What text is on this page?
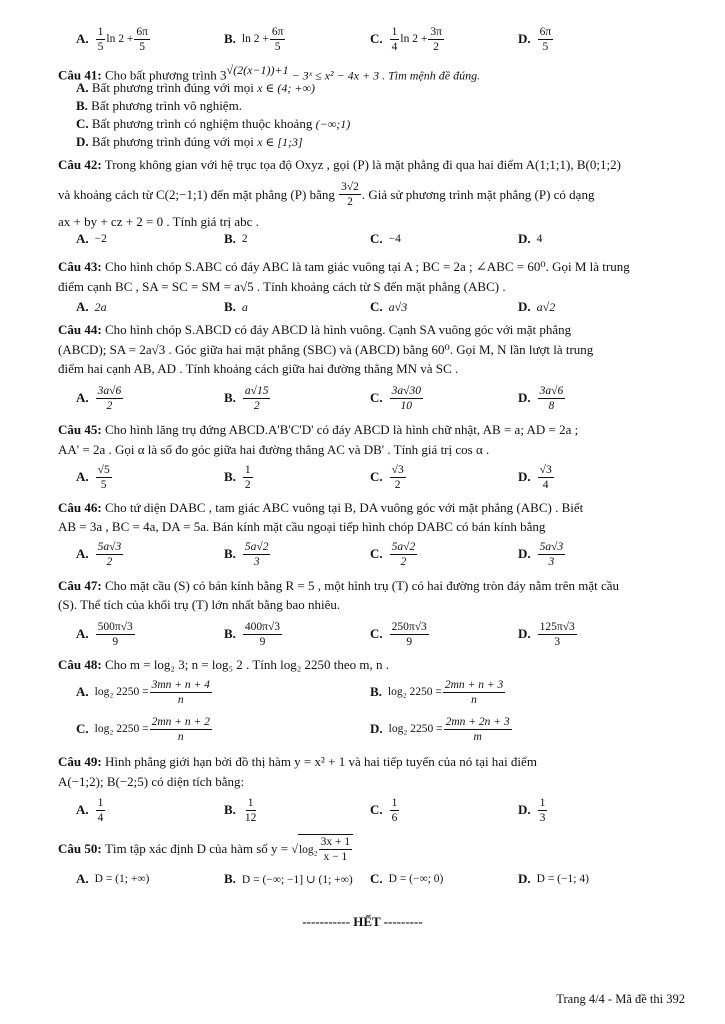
A. $\frac{1}{5}$ $\ln 2 + \frac{6\pi}{5}$	B. $\ln 2 + \frac{6\pi}{5}$	C. $\frac{1}{4}$ $\ln 2 + \frac{3\pi}{2}$	D. $\frac{6\pi}{5}$
Câu 41: Cho bất phương trình $3^{√(2(x-1))+1}$ − 3ˣ ≤ x² − 4x + 3 . Tìm mệnh đề đúng.
A. Bất phương trình đúng với mọi x ∈ (4; +∞)
B. Bất phương trình vô nghiệm.
C. Bất phương trình có nghiệm thuộc khoảng (−∞;1)
D. Bất phương trình đúng với mọi x ∈ [1;3]
Câu 42: Trong không gian với hệ trục tọa độ Oxyz , gọi (P) là mặt phẳng đi qua hai điểm A(1;1;1), B(0;1;2)
và khoảng cách từ C(2;−1;1) đến mặt phẳng (P) bằng
$\frac{3√2}{2}$ . Giả sử phương trình mặt phẳng (P) có dạng
ax + by + cz + 2 = 0 . Tính giá trị abc .
A. −2	B. 2	C. −4	D. 4
Câu 43: Cho hình chóp S.ABC có đáy ABC là tam giác vuông tại A ; BC = 2a ; ∠ABC = 60⁰. Gọi M là trung
điểm cạnh BC , SA = SC = SM = a√5 . Tính khoảng cách từ S đến mặt phẳng (ABC) .
A. 2a	B. a	C. a√3	D. a√2
Câu 44: Cho hình chóp S.ABCD có đáy ABCD là hình vuông. Cạnh SA vuông góc với mặt phẳng
(ABCD); SA = 2a√3 . Góc giữa hai mặt phẳng (SBC) và (ABCD) bằng 60⁰. Gọi M, N lần lượt là trung
điểm hai cạnh AB, AD . Tính khoảng cách giữa hai đường thẳng MN và SC .
A. $\frac{3a√6}{2}$	B. $\frac{a√15}{2}$	C. $\frac{3a√30}{10}$	D. $\frac{3a√6}{8}$
Câu 45: Cho hình lăng trụ đứng ABCD.A'B'C'D' có đáy ABCD là hình chữ nhật, AB = a; AD = 2a ;
AA' = 2a . Gọi α là số đo góc giữa hai đường thẳng AC và DB' . Tính giá trị cos α .
A. $\frac{√5}{5}$	B. $\frac{1}{2}$	C. $\frac{√3}{2}$	D. $\frac{√3}{4}$
Câu 46: Cho tứ diện DABC , tam giác ABC vuông tại B, DA vuông góc với mặt phẳng (ABC) . Biết
AB = 3a , BC = 4a, DA = 5a. Bán kính mặt cầu ngoại tiếp hình chóp DABC có bán kính bằng
A. $\frac{5a√3}{2}$	B. $\frac{5a√2}{3}$	C. $\frac{5a√2}{2}$	D. $\frac{5a√3}{3}$
Câu 47: Cho mặt cầu (S) có bán kính bằng R = 5 , một hình trụ (T) có hai đường tròn đáy nằm trên mặt cầu
(S). Thể tích của khối trụ (T) lớn nhất bằng bao nhiêu.
A. $\frac{500\pi√3}{9}$	B. $\frac{400\pi√3}{9}$	C. $\frac{250\pi√3}{9}$	D. $\frac{125\pi√3}{3}$
Câu 48: Cho m = log₂ 3; n = log₅ 2 . Tính log₂ 2250 theo m, n .
A. log₂ $2250 = \frac{3mn + n + 4}{n}$	B. log₂ $2250 = \frac{2mn + n + 3}{n}$
C. log₂ $2250 = \frac{2mn + n + 2}{n}$	D. log₂ $2250 = \frac{2mn + 2n + 3}{m}$
Câu 49: Hình phẳng giới hạn bởi đồ thị hàm y = x² + 1 và hai tiếp tuyến của nó tại hai điểm
A(−1;2); B(−2;5) có diện tích bằng:
A. $\frac{1}{4}$	B. $\frac{1}{12}$	C. $\frac{1}{6}$	D. $\frac{1}{3}$
Câu 50:
Tìm tập xác định D của hàm số y =

√ $\log_2 \frac{3x + 1}{x - 1}$
A. D = (1; +∞)	B. D = (−∞; −1] ∪ (1; +∞) C. D = (−∞; 0)	D. D = (−1; 4)
----------- HẾT ---------
Trang 4/4 - Mã đề thi 392
